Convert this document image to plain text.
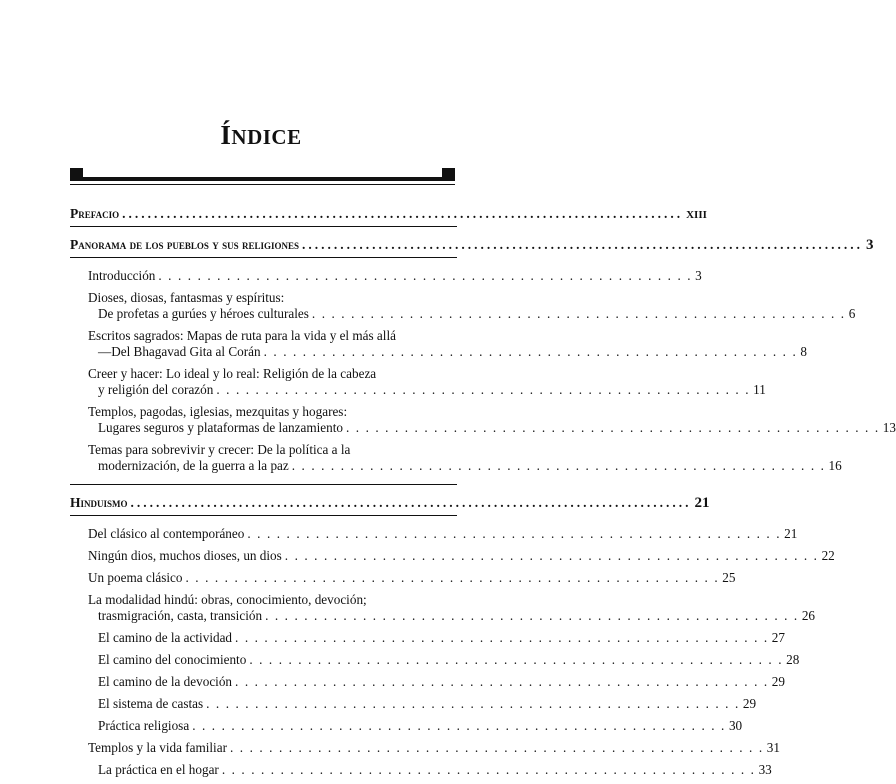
ÍNDICE
Prefacio ........................................................................................ xiii
Panorama de los pueblos y sus religiones ........................................................................................ 3
Introducción . . . . . . . . . . . . . . . . . . . . . . . . . . . . . . . . . . . . . . . . . . . . . . . . . . . . . . . 3
Dioses, diosas, fantasmas y espíritus:
De profetas a gurúes y héroes culturales . . . . . . . . . . . . . . . . . . . . . . . . . . . . . . . . . . . . . . . . . . . . . . . . . . . . . . . 6
Escritos sagrados: Mapas de ruta para la vida y el más allá
—Del Bhagavad Gita al Corán . . . . . . . . . . . . . . . . . . . . . . . . . . . . . . . . . . . . . . . . . . . . . . . . . . . . . . . 8
Creer y hacer: Lo ideal y lo real: Religión de la cabeza
y religión del corazón . . . . . . . . . . . . . . . . . . . . . . . . . . . . . . . . . . . . . . . . . . . . . . . . . . . . . . . 11
Templos, pagodas, iglesias, mezquitas y hogares:
Lugares seguros y plataformas de lanzamiento . . . . . . . . . . . . . . . . . . . . . . . . . . . . . . . . . . . . . . . . . . . . . . . . . . . . . . . 13
Temas para sobrevivir y crecer: De la política a la
modernización, de la guerra a la paz . . . . . . . . . . . . . . . . . . . . . . . . . . . . . . . . . . . . . . . . . . . . . . . . . . . . . . . 16
Hinduismo ........................................................................................ 21
Del clásico al contemporáneo . . . . . . . . . . . . . . . . . . . . . . . . . . . . . . . . . . . . . . . . . . . . . . . . . . . . . . . 21
Ningún dios, muchos dioses, un dios . . . . . . . . . . . . . . . . . . . . . . . . . . . . . . . . . . . . . . . . . . . . . . . . . . . . . . . 22
Un poema clásico . . . . . . . . . . . . . . . . . . . . . . . . . . . . . . . . . . . . . . . . . . . . . . . . . . . . . . . 25
La modalidad hindú: obras, conocimiento, devoción;
trasmigración, casta, transición . . . . . . . . . . . . . . . . . . . . . . . . . . . . . . . . . . . . . . . . . . . . . . . . . . . . . . . 26
El camino de la actividad . . . . . . . . . . . . . . . . . . . . . . . . . . . . . . . . . . . . . . . . . . . . . . . . . . . . . . . 27
El camino del conocimiento . . . . . . . . . . . . . . . . . . . . . . . . . . . . . . . . . . . . . . . . . . . . . . . . . . . . . . . 28
El camino de la devoción . . . . . . . . . . . . . . . . . . . . . . . . . . . . . . . . . . . . . . . . . . . . . . . . . . . . . . . 29
El sistema de castas . . . . . . . . . . . . . . . . . . . . . . . . . . . . . . . . . . . . . . . . . . . . . . . . . . . . . . . 29
Práctica religiosa . . . . . . . . . . . . . . . . . . . . . . . . . . . . . . . . . . . . . . . . . . . . . . . . . . . . . . . 30
Templos y la vida familiar . . . . . . . . . . . . . . . . . . . . . . . . . . . . . . . . . . . . . . . . . . . . . . . . . . . . . . . 31
La práctica en el hogar . . . . . . . . . . . . . . . . . . . . . . . . . . . . . . . . . . . . . . . . . . . . . . . . . . . . . . . 33
